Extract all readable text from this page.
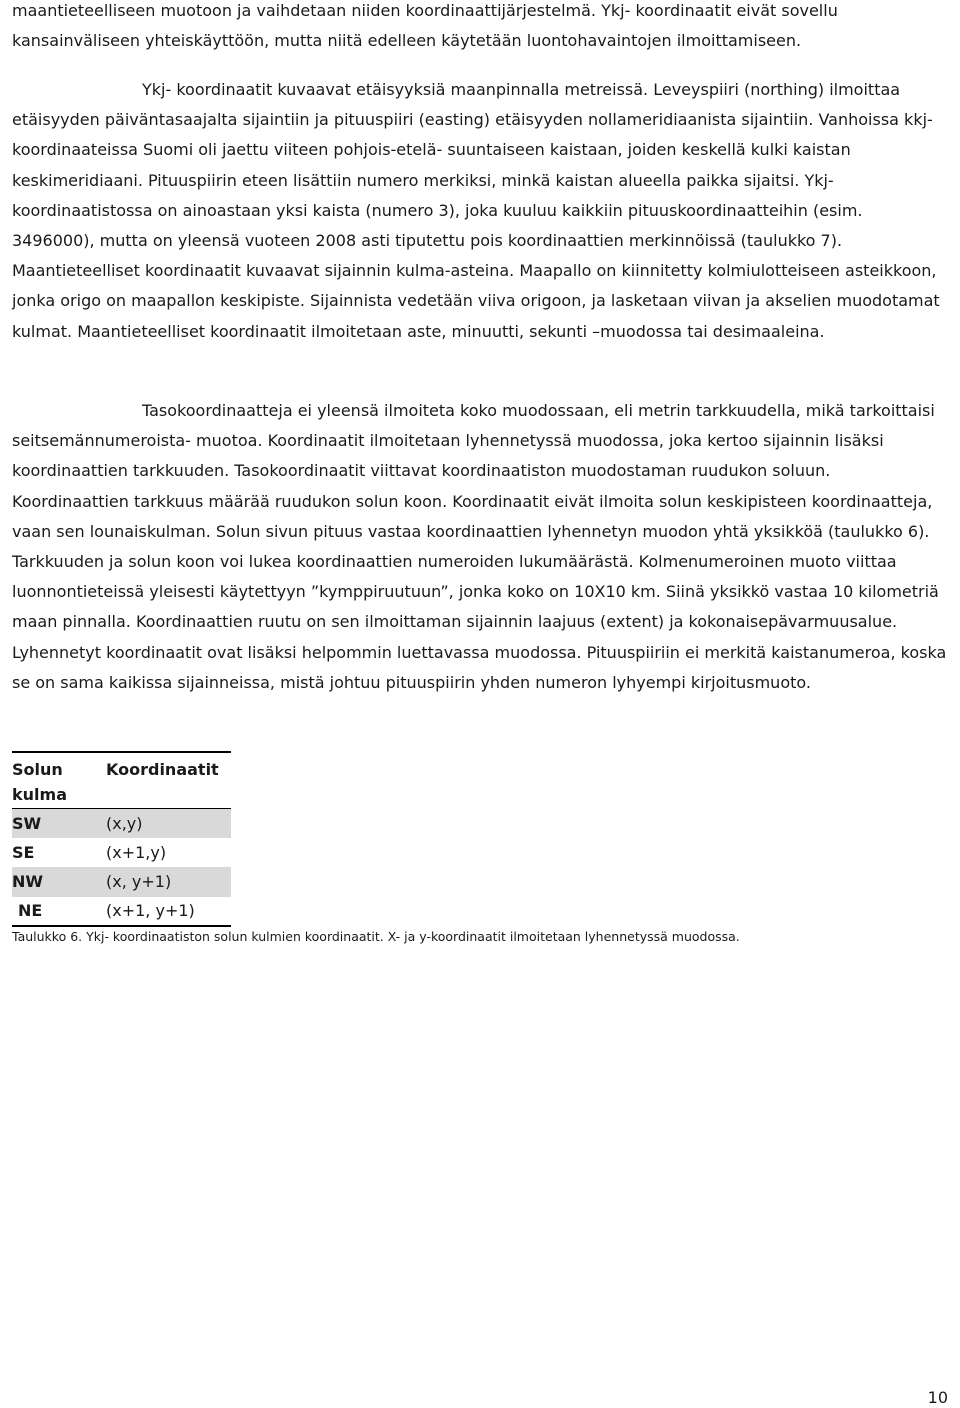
maantieteelliseen muotoon ja vaihdetaan niiden koordinaattijärjestelmä. Ykj- koordinaatit eivät sovellu kansainväliseen yhteiskäyttöön, mutta niitä edelleen käytetään luontohavaintojen ilmoittamiseen.

Ykj- koordinaatit kuvaavat etäisyyksiä maanpinnalla metreissä. Leveyspiiri (northing) ilmoittaa etäisyyden päiväntasaajalta sijaintiin ja pituuspiiri (easting) etäisyyden nollameridiaanista sijaintiin. Vanhoissa kkj- koordinaateissa Suomi oli jaettu viiteen pohjois-etelä- suuntaiseen kaistaan, joiden keskellä kulki kaistan keskimeridiaani. Pituuspiirin eteen lisättiin numero merkiksi, minkä kaistan alueella paikka sijaitsi. Ykj- koordinaatistossa on ainoastaan yksi kaista (numero 3), joka kuuluu kaikkiin pituuskoordinaatteihin (esim. 3496000), mutta on yleensä vuoteen 2008 asti tiputettu pois koordinaattien merkinnöissä (taulukko 7). Maantieteelliset koordinaatit kuvaavat sijainnin kulma-asteina. Maapallo on kiinnitetty kolmiulotteiseen asteikkoon, jonka origo on maapallon keskipiste. Sijainnista vedetään viiva origoon, ja lasketaan viivan ja akselien muodotamat kulmat. Maantieteelliset koordinaatit ilmoitetaan aste, minuutti, sekunti –muodossa tai desimaaleina.

Tasokoordinaatteja ei yleensä ilmoiteta koko muodossaan, eli metrin tarkkuudella, mikä tarkoittaisi seitsemännumeroista- muotoa. Koordinaatit ilmoitetaan lyhennetyssä muodossa, joka kertoo sijainnin lisäksi koordinaattien tarkkuuden. Tasokoordinaatit viittavat koordinaatiston muodostaman ruudukon soluun. Koordinaattien tarkkuus määrää ruudukon solun koon. Koordinaatit eivät ilmoita solun keskipisteen koordinaatteja, vaan sen lounaiskulman. Solun sivun pituus vastaa koordinaattien lyhennetyn muodon yhtä yksikköä (taulukko 6). Tarkkuuden ja solun koon voi lukea koordinaattien numeroiden lukumäärästä. Kolmenumeroinen muoto viittaa luonnontieteissä yleisesti käytettyyn ”kymppiruutuun”, jonka koko on 10X10 km. Siinä yksikkö vastaa 10 kilometriä maan pinnalla. Koordinaattien ruutu on sen ilmoittaman sijainnin laajuus (extent) ja kokonaisepävarmuusalue. Lyhennetyt koordinaatit ovat lisäksi helpommin luettavassa muodossa. Pituuspiiriin ei merkitä kaistanumeroa, koska se on sama kaikissa sijainneissa, mistä johtuu pituuspiirin yhden numeron lyhyempi kirjoitusmuoto.

Solun kulma	Koordinaatit
SW	(x,y)
SE	(x+1,y)
NW	(x, y+1)
NE	(x+1, y+1)
Taulukko 6. Ykj- koordinaatiston solun kulmien koordinaatit. X- ja y-koordinaatit ilmoitetaan lyhennetyssä muodossa.
10
